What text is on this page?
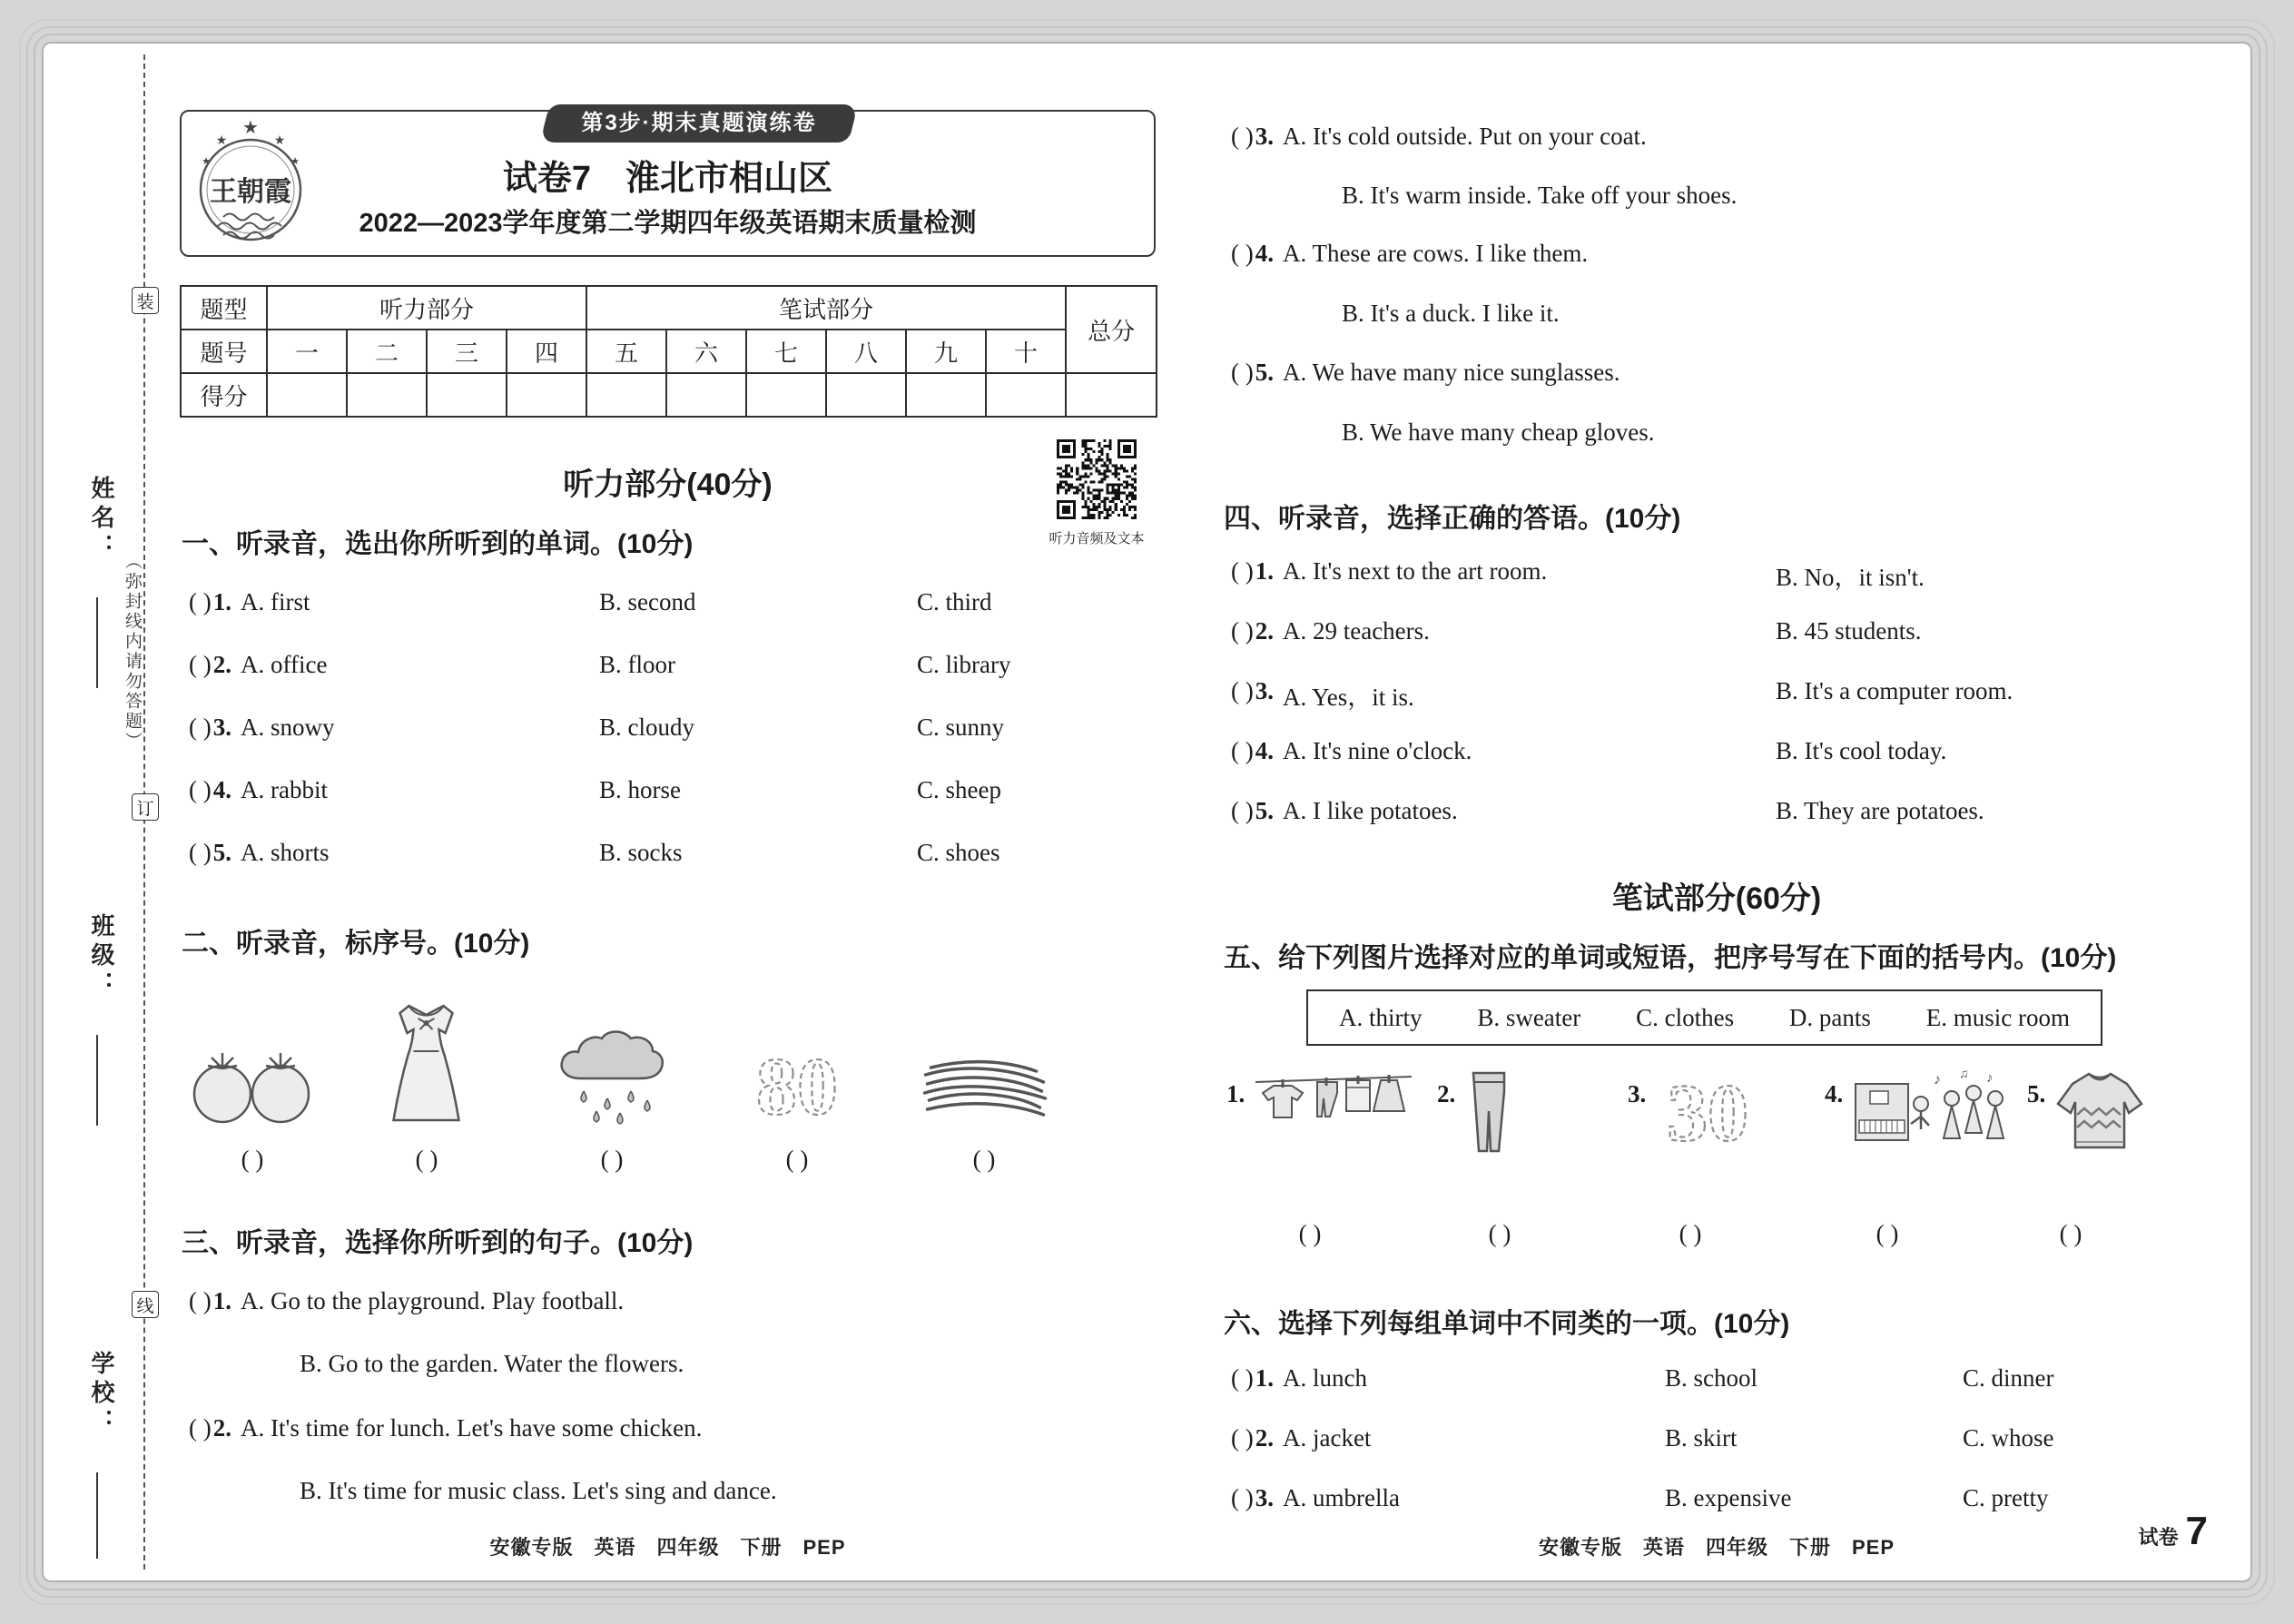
姓名：
（弥封线内请勿答题）
班级：
学校：
装
订
线
第3步·期末真题演练卷
★
★	★
★	★
王朝霞	试卷7　淮北市相山区
2022—2023学年度第二学期四年级英语期末质量检测
题型	听力部分				笔试部分						总分
题号	一	二	三	四	五	六	七	八	九	十	
得分											
听力部分(40分)
听力音频及文本
一、听录音，选出你所听到的单词。(10分)
( ) 1. A. first	B. second	C. third
( ) 2. A. office	B. floor	C. library
( ) 3. A. snowy	B. cloudy	C. sunny
( ) 4. A. rabbit	B. horse	C. sheep
( ) 5. A. shorts	B. socks	C. shoes
二、听录音，标序号。(10分)
( )	( )	( )
80
( )	( )
三、听录音，选择你所听到的句子。(10分)
( ) 1. A. Go to the playground. Play football.
B. Go to the garden. Water the flowers.
( ) 2. A. It's time for lunch. Let's have some chicken.
B. It's time for music class. Let's sing and dance.
安徽专版　英语　四年级　下册　PEP
( ) 3. A. It's cold outside. Put on your coat.
B. It's warm inside. Take off your shoes.
( ) 4. A. These are cows. I like them.
B. It's a duck. I like it.
( ) 5. A. We have many nice sunglasses.
B. We have many cheap gloves.
四、听录音，选择正确的答语。(10分)
( ) 1. A. It's next to the art room.	B. No，it isn't.
( ) 2. A. 29 teachers.	B. 45 students.
( ) 3. A. Yes，it is.	B. It's a computer room.
( ) 4. A. It's nine o'clock.	B. It's cool today.
( ) 5. A. I like potatoes.	B. They are potatoes.
笔试部分(60分)
五、给下列图片选择对应的单词或短语，把序号写在下面的括号内。(10分)
A. thirty B. sweater C. clothes D. pants E. music room
1.	2.	3. 30	4.
♪ ♫ ♪
5.
( )	( )	( )	( )	( )
六、选择下列每组单词中不同类的一项。(10分)
( ) 1. A. lunch	B. school	C. dinner
( ) 2. A. jacket	B. skirt	C. whose
( ) 3. A. umbrella	B. expensive	C. pretty
安徽专版　英语　四年级　下册　PEP	试卷 7
